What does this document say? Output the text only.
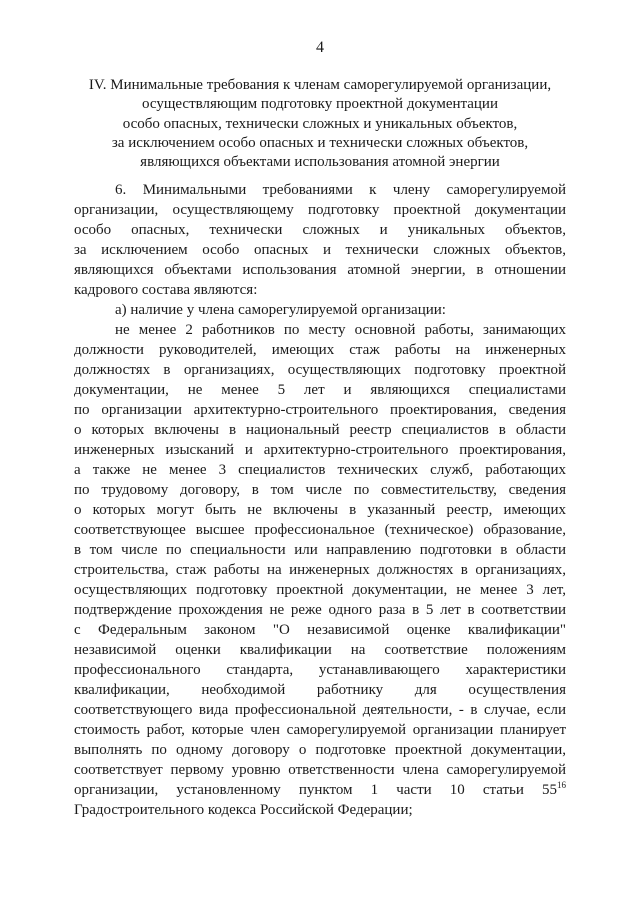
4
IV. Минимальные требования к членам саморегулируемой организации,
осуществляющим подготовку проектной документации
особо опасных, технически сложных и уникальных объектов,
за исключением особо опасных и технически сложных объектов,
являющихся объектами использования атомной энергии
6. Минимальными требованиями к члену саморегулируемой
организации, осуществляющему подготовку проектной документации
особо опасных, технически сложных и уникальных объектов,
за исключением особо опасных и технически сложных объектов,
являющихся объектами использования атомной энергии, в отношении
кадрового состава являются:
а) наличие у члена саморегулируемой организации:
не менее 2 работников по месту основной работы, занимающих
должности руководителей, имеющих стаж работы на инженерных
должностях в организациях, осуществляющих подготовку проектной
документации, не менее 5 лет и являющихся специалистами
по организации архитектурно-строительного проектирования, сведения
о которых включены в национальный реестр специалистов в области
инженерных изысканий и архитектурно-строительного проектирования,
а также не менее 3 специалистов технических служб, работающих
по трудовому договору, в том числе по совместительству, сведения
о которых могут быть не включены в указанный реестр, имеющих
соответствующее высшее профессиональное (техническое) образование,
в том числе по специальности или направлению подготовки в области
строительства, стаж работы на инженерных должностях в организациях,
осуществляющих подготовку проектной документации, не менее 3 лет,
подтверждение прохождения не реже одного раза в 5 лет в соответствии
с Федеральным законом "О независимой оценке квалификации"
независимой оценки квалификации на соответствие положениям
профессионального стандарта, устанавливающего характеристики
квалификации, необходимой работнику для осуществления
соответствующего вида профессиональной деятельности, - в случае, если
стоимость работ, которые член саморегулируемой организации планирует
выполнять по одному договору о подготовке проектной документации,
соответствует первому уровню ответственности члена саморегулируемой
организации, установленному пунктом 1 части 10 статьи $55^{16}$
Градостроительного кодекса Российской Федерации;
